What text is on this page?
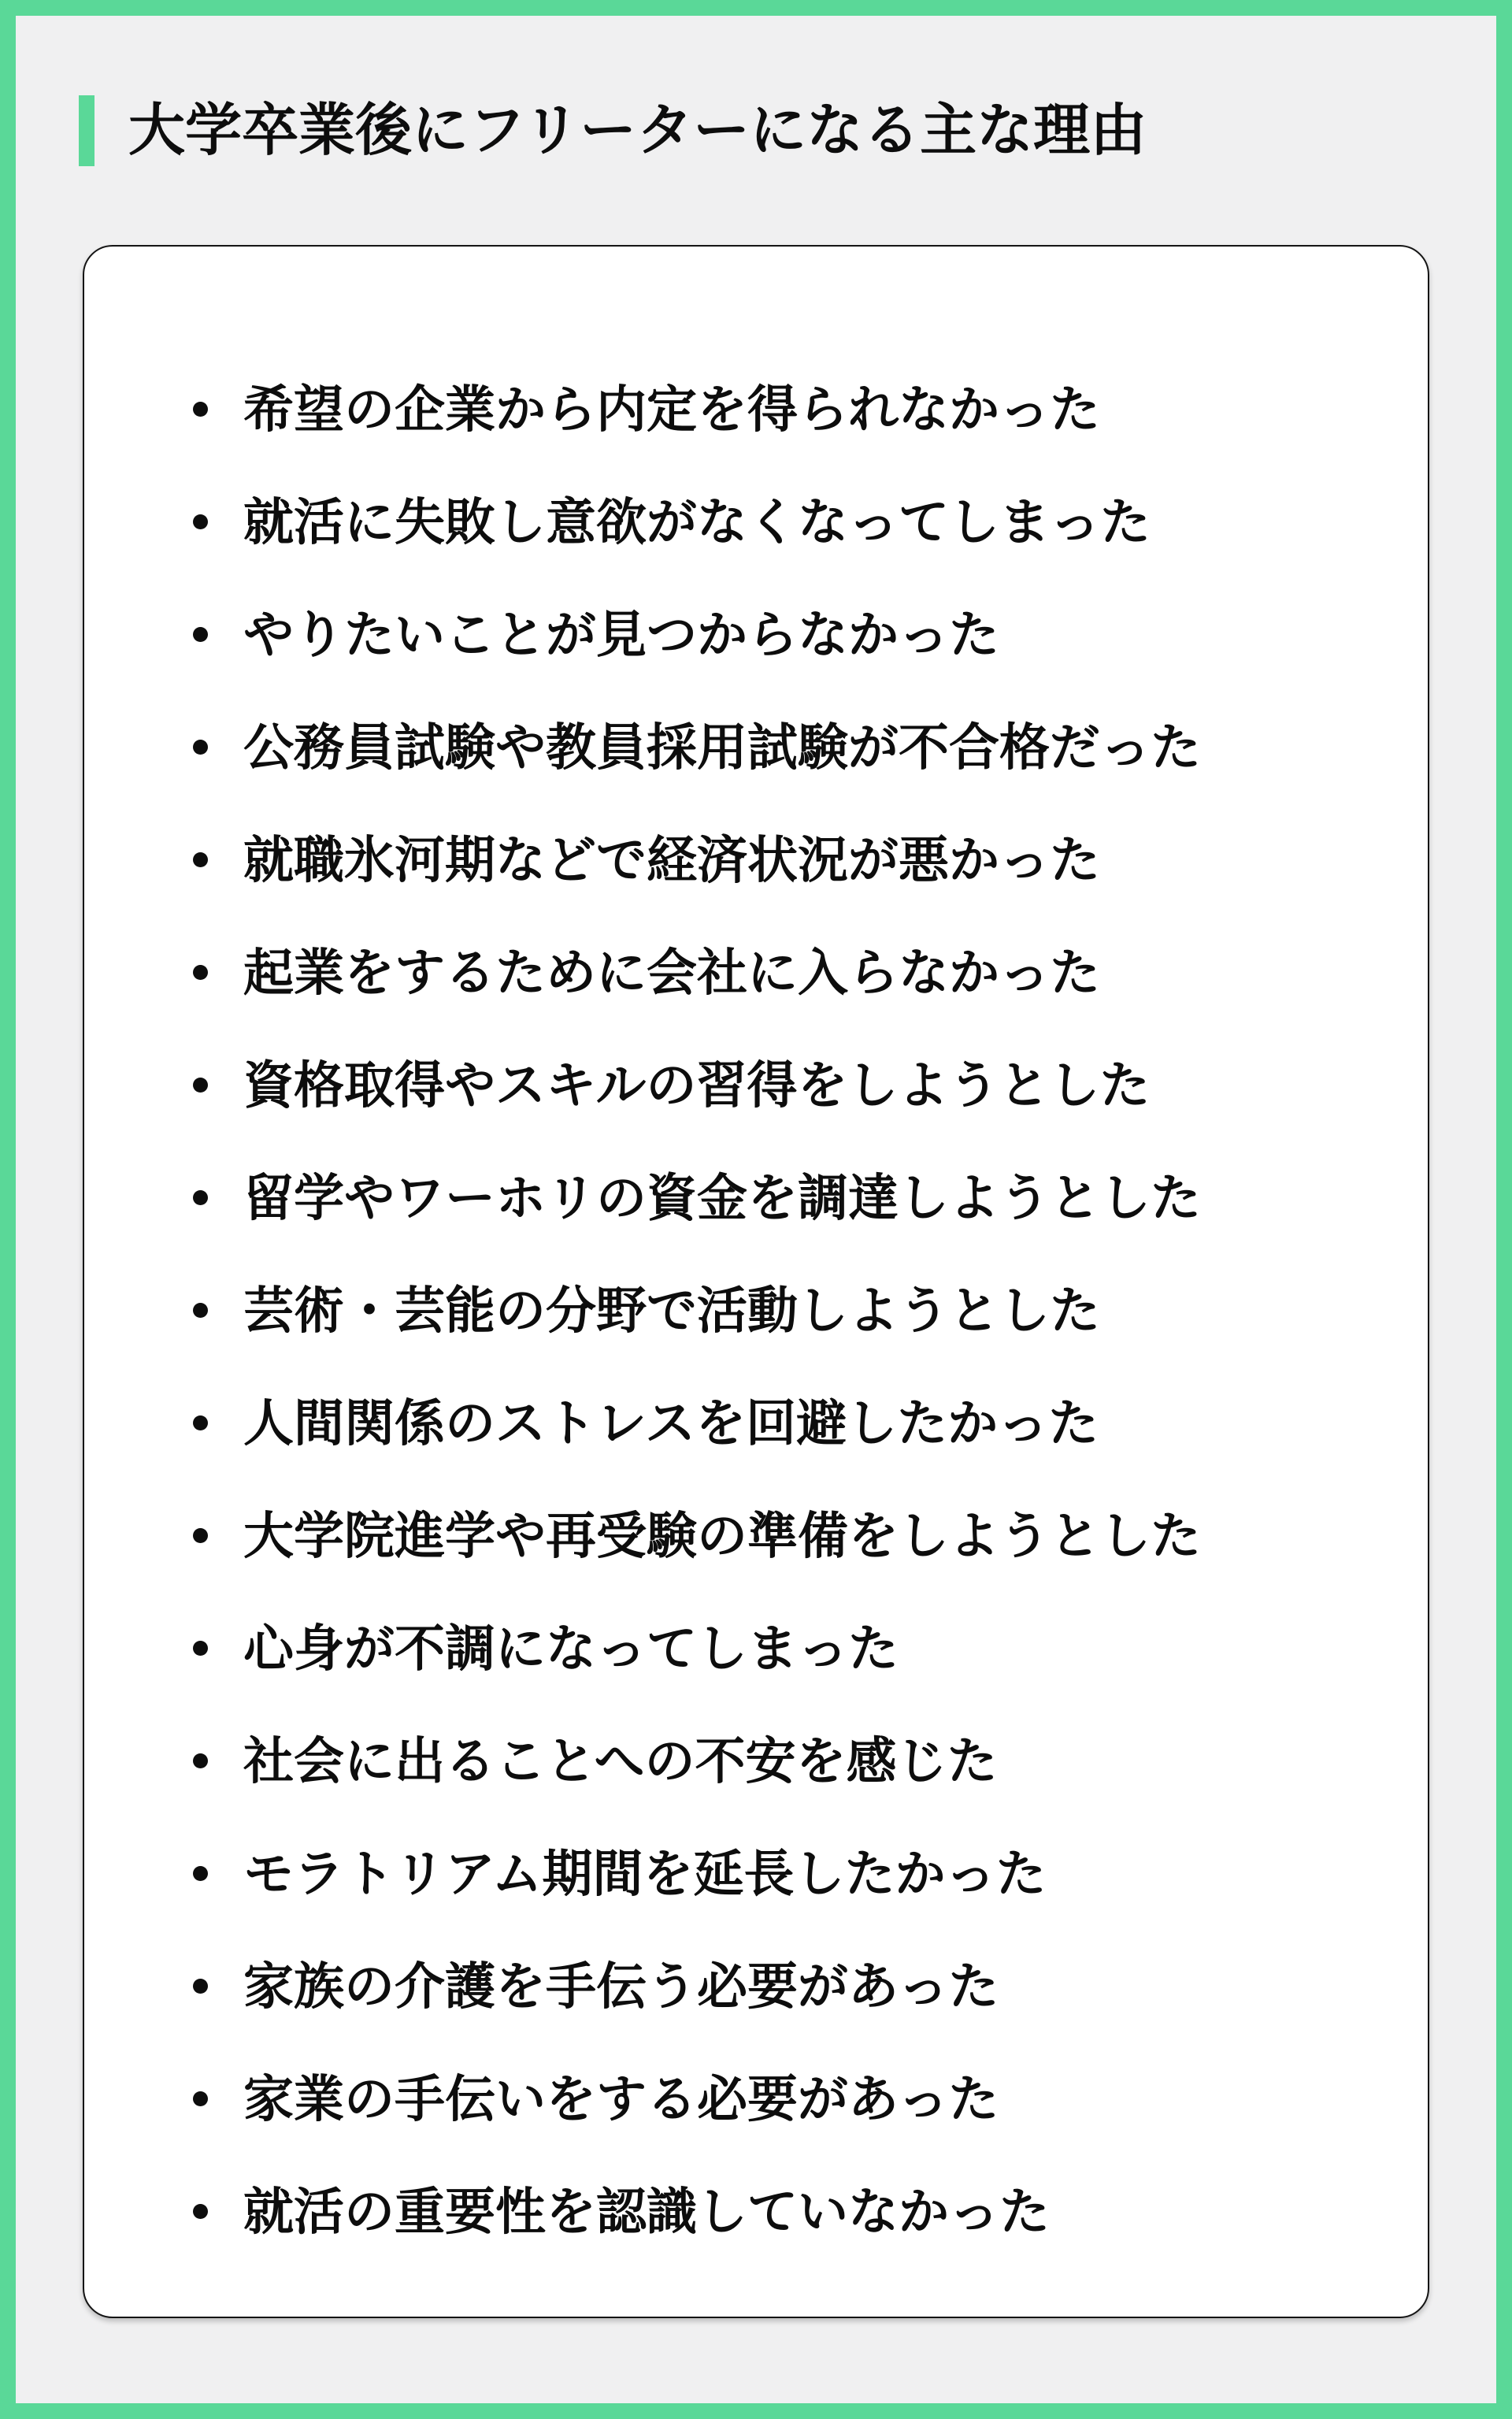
大学卒業後にフリーターになる主な理由
希望の企業から内定を得られなかった
就活に失敗し意欲がなくなってしまった
やりたいことが見つからなかった
公務員試験や教員採用試験が不合格だった
就職氷河期などで経済状況が悪かった
起業をするために会社に入らなかった
資格取得やスキルの習得をしようとした
留学やワーホリの資金を調達しようとした
芸術・芸能の分野で活動しようとした
人間関係のストレスを回避したかった
大学院進学や再受験の準備をしようとした
心身が不調になってしまった
社会に出ることへの不安を感じた
モラトリアム期間を延長したかった
家族の介護を手伝う必要があった
家業の手伝いをする必要があった
就活の重要性を認識していなかった
